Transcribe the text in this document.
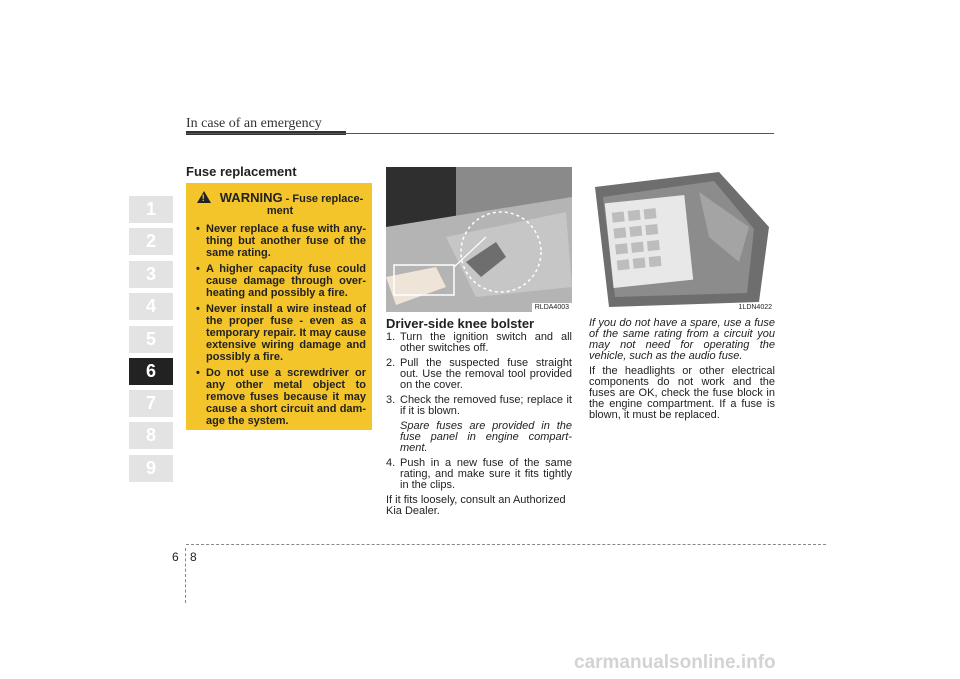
In case of an emergency
1
2
3
4
5
6
7
8
9
Fuse replacement
! WARNING - Fuse replace-ment
• Never replace a fuse with any-thing but another fuse of the same rating.
• A higher capacity fuse could cause damage through over-heating and possibly a fire.
• Never install a wire instead of the proper fuse - even as a temporary repair. It may cause extensive wiring damage and possibly a fire.
• Do not use a screwdriver or any other metal object to remove fuses because it may cause a short circuit and dam-age the system.
RLDA4003	1LDN4022
Driver-side knee bolster
1. Turn the ignition switch and all other switches off.
2. Pull the suspected fuse straight out. Use the removal tool provided on the cover.
3. Check the removed fuse; replace it if it is blown.
Spare fuses are provided in the fuse panel in engine compart-ment.
4. Push in a new fuse of the same rating, and make sure it fits tightly in the clips.
If it fits loosely, consult an Authorized Kia Dealer.

If you do not have a spare, use a fuse of the same rating from a circuit you may not need for operating the vehicle, such as the audio fuse.

If the headlights or other electrical components do not work and the fuses are OK, check the fuse block in the engine compartment. If a fuse is blown, it must be replaced.

6 8
carmanualsonline.info
